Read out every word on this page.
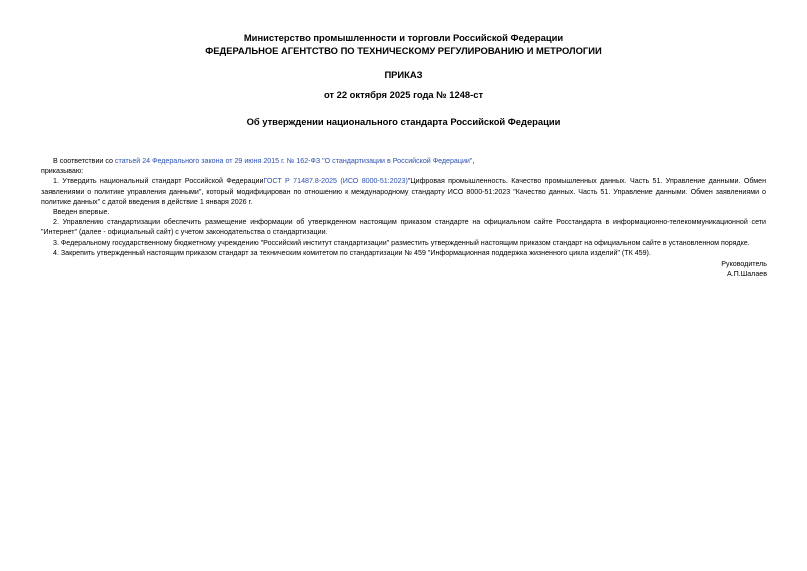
Министерство промышленности и торговли Российской Федерации
ФЕДЕРАЛЬНОЕ АГЕНТСТВО ПО ТЕХНИЧЕСКОМУ РЕГУЛИРОВАНИЮ И МЕТРОЛОГИИ
ПРИКАЗ
от 22 октября 2025 года № 1248-ст
Об утверждении национального стандарта Российской Федерации

В соответствии со статьей 24 Федерального закона от 29 июня 2015 г. № 162-ФЗ "О стандартизации в Российской Федерации",

приказываю:

1. Утвердить национальный стандарт Российской ФедерацииГОСТ Р 71487.8-2025 (ИСО 8000-51:2023)"Цифровая промышленность. Качество промышленных данных. Часть 51. Управление данными. Обмен заявлениями о политике управления данными", который модифицирован по отношению к международному стандарту ИСО 8000-51:2023 "Качество данных. Часть 51. Управление данными. Обмен заявлениями о политике данных" с датой введения в действие 1 января 2026 г.

Введен впервые.

2. Управлению стандартизации обеспечить размещение информации об утвержденном настоящим приказом стандарте на официальном сайте Росстандарта в информационно-телекоммуникационной сети "Интернет" (далее - официальный сайт) с учетом законодательства о стандартизации.

3. Федеральному государственному бюджетному учреждению "Российский институт стандартизации" разместить утвержденный настоящим приказом стандарт на официальном сайте в установленном порядке.

4. Закрепить утвержденный настоящим приказом стандарт за техническим комитетом по стандартизации № 459 "Информационная поддержка жизненного цикла изделий" (ТК 459).

Руководитель
А.П.Шалаев
